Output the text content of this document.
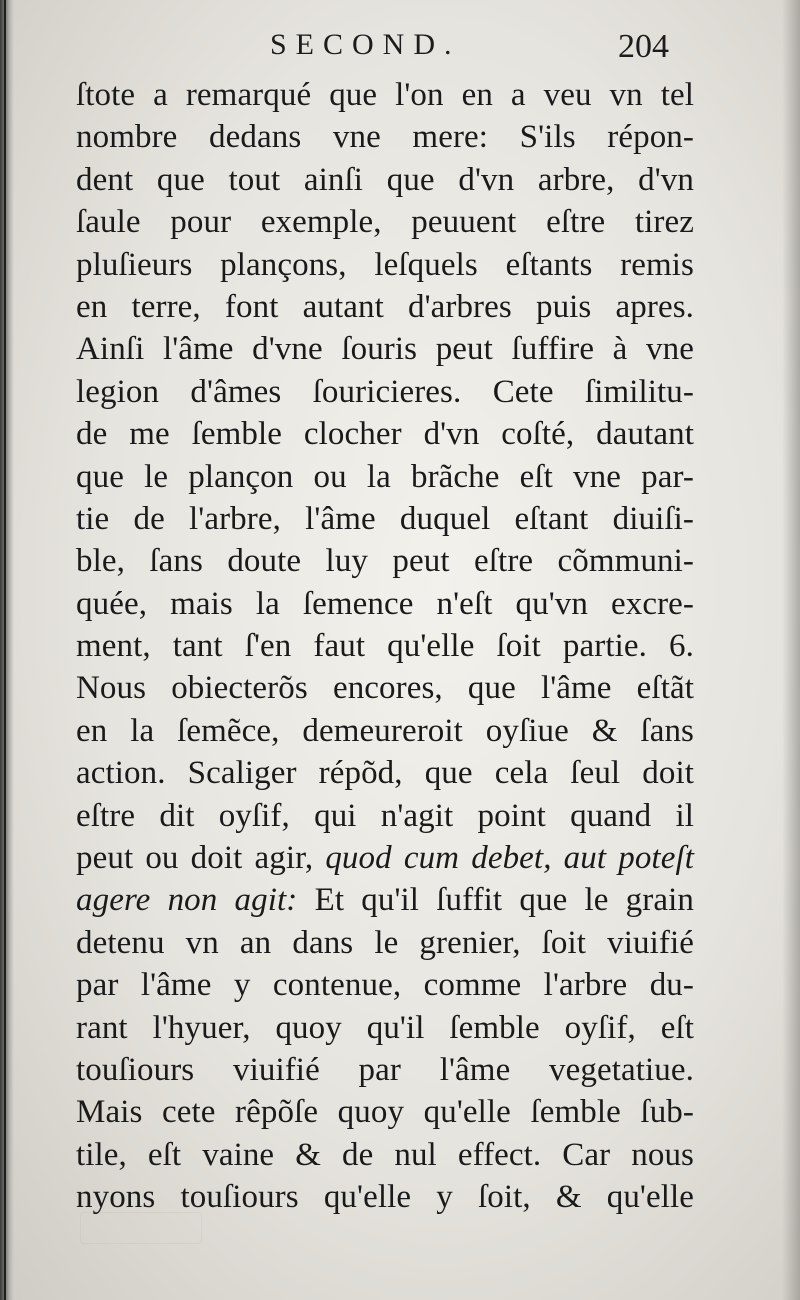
SECOND.	204
ſtote a remarqué que l'on en a veu vn tel
nombre dedans vne mere: S'ils répon-
dent que tout ainſi que d'vn arbre, d'vn
ſaule pour exemple, peuuent eſtre tirez
pluſieurs plançons, leſquels eſtants remis
en terre, font autant d'arbres puis apres.
Ainſi l'âme d'vne ſouris peut ſuffire à vne
legion d'âmes ſouricieres. Cete ſimilitu-
de me ſemble clocher d'vn coſté, dautant
que le plançon ou la brãche eſt vne par-
tie de l'arbre, l'âme duquel eſtant diuiſi-
ble, ſans doute luy peut eſtre cõmmuni-
quée, mais la ſemence n'eſt qu'vn excre-
ment, tant ſ'en faut qu'elle ſoit partie. 6.
Nous obiecterõs encores, que l'âme eſtãt
en la ſemẽce, demeureroit oyſiue & ſans
action. Scaliger répõd, que cela ſeul doit
eſtre dit oyſif, qui n'agit point quand il
peut ou doit agir, quod cum debet, aut poteſt
agere non agit: Et qu'il ſuffit que le grain
detenu vn an dans le grenier, ſoit viuifié
par l'âme y contenue, comme l'arbre du-
rant l'hyuer, quoy qu'il ſemble oyſif, eſt
touſiours viuifié par l'âme vegetatiue.
Mais cete rêpõſe quoy qu'elle ſemble ſub-
tile, eſt vaine & de nul effect. Car nous
nyons touſiours qu'elle y ſoit, & qu'elle
